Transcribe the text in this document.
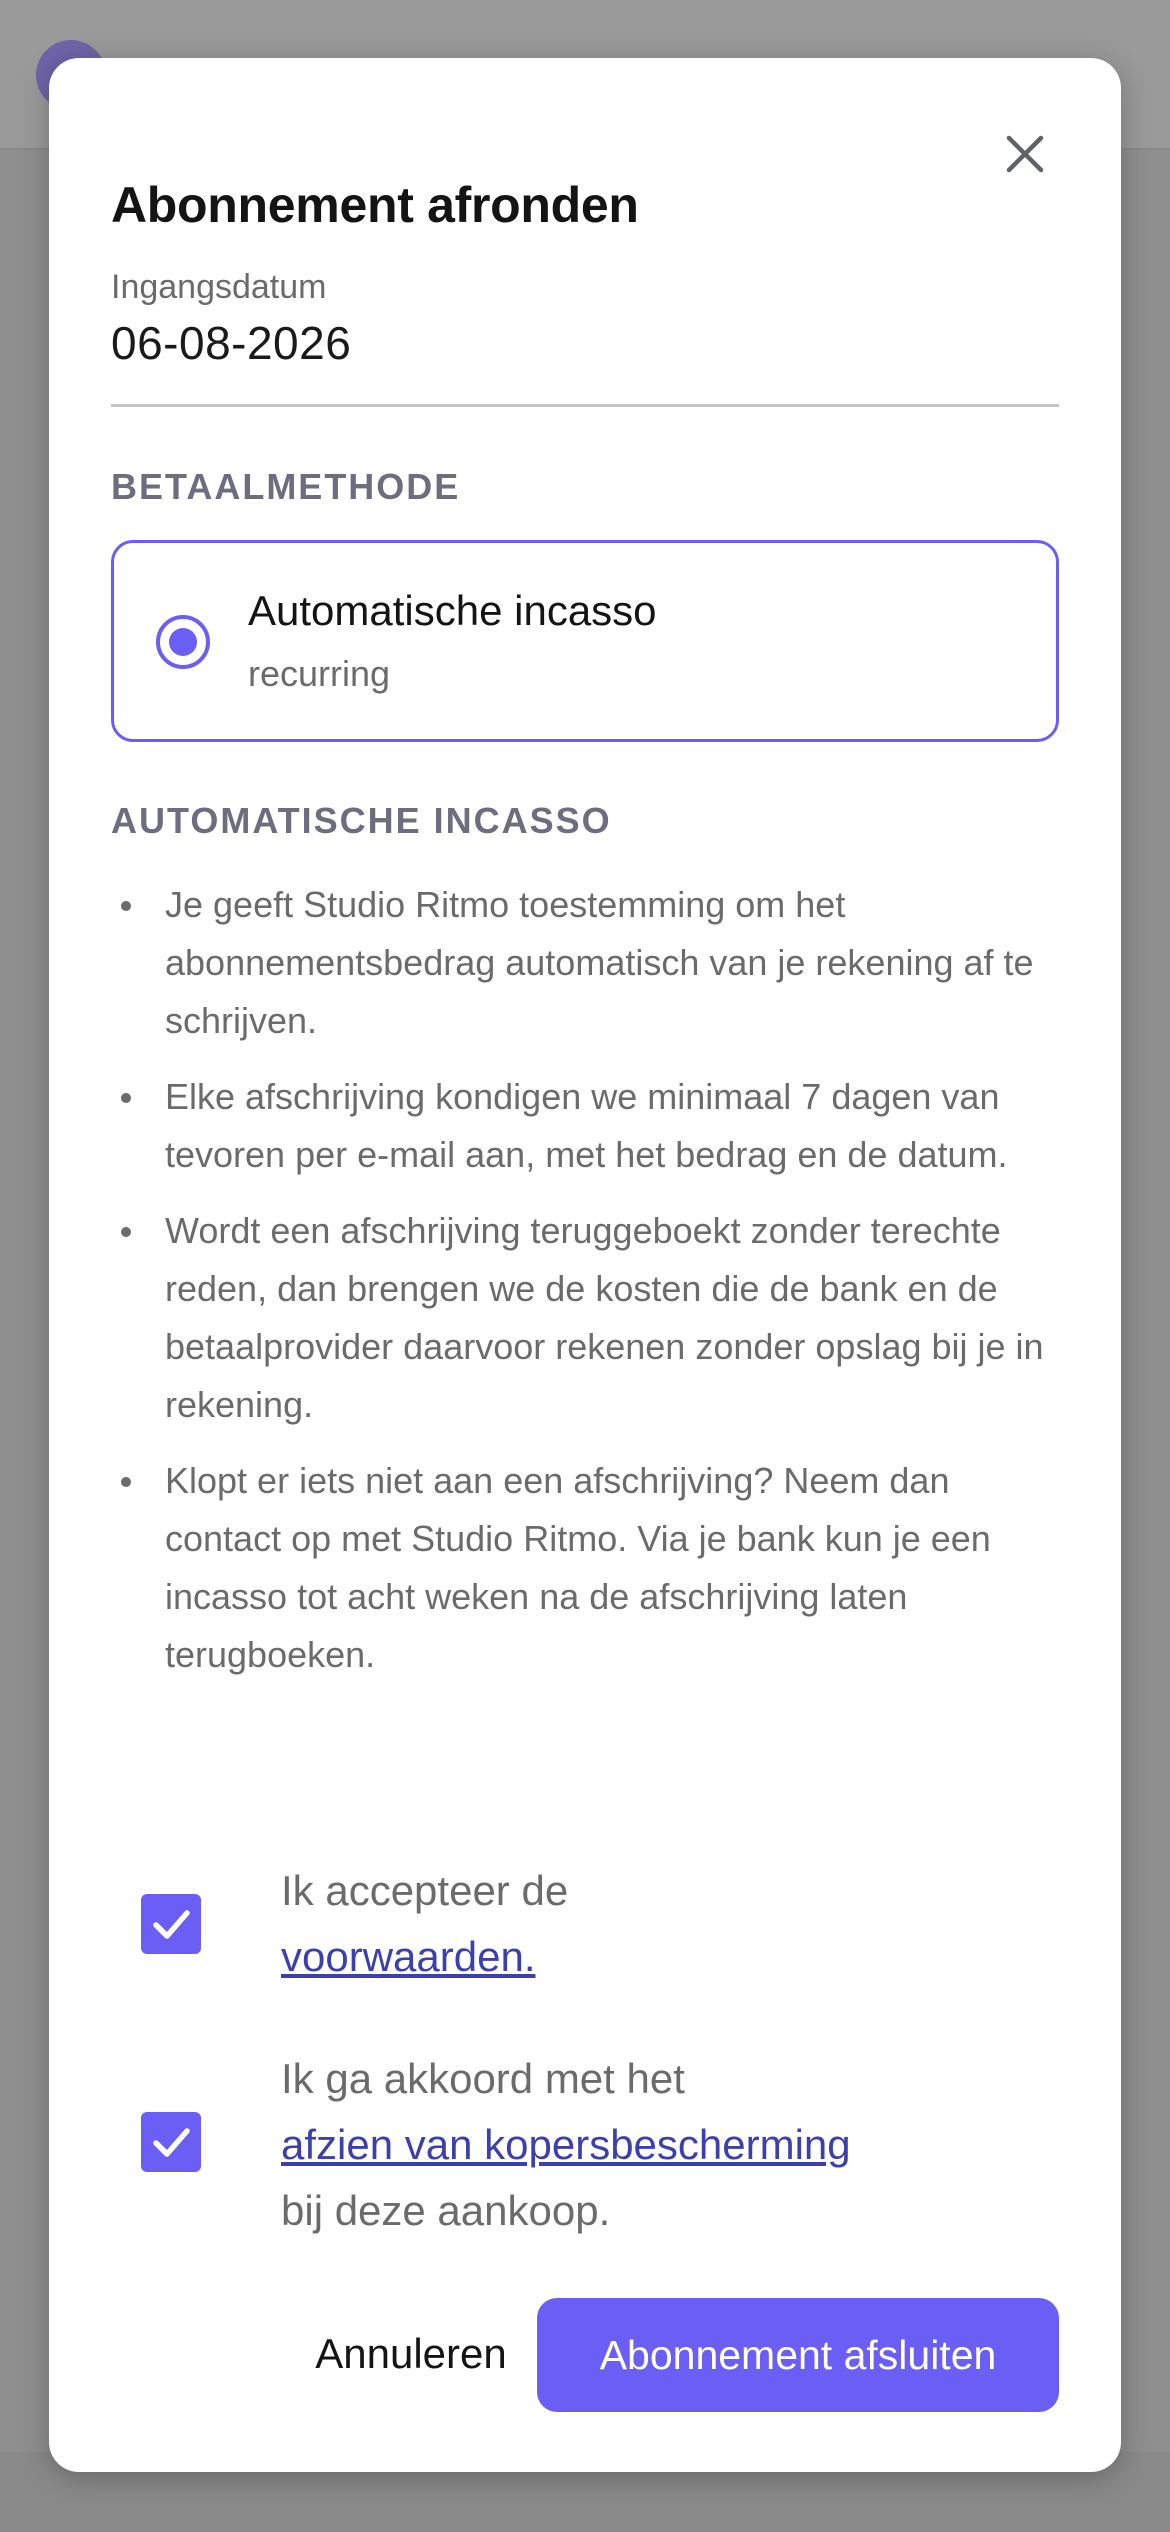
Abonnement afronden
Ingangsdatum
06-08-2026
BETAALMETHODE
Automatische incasso
recurring
AUTOMATISCHE INCASSO
Je geeft Studio Ritmo toestemming om het abonnementsbedrag automatisch van je rekening af te schrijven.
Elke afschrijving kondigen we minimaal 7 dagen van tevoren per e-mail aan, met het bedrag en de datum.
Wordt een afschrijving teruggeboekt zonder terechte reden, dan brengen we de kosten die de bank en de betaalprovider daarvoor rekenen zonder opslag bij je in rekening.
Klopt er iets niet aan een afschrijving? Neem dan contact op met Studio Ritmo. Via je bank kun je een incasso tot acht weken na de afschrijving laten terugboeken.
Ik accepteer de
voorwaarden.
Ik ga akkoord met het
afzien van kopersbescherming
bij deze aankoop.
Annuleren	Abonnement afsluiten
